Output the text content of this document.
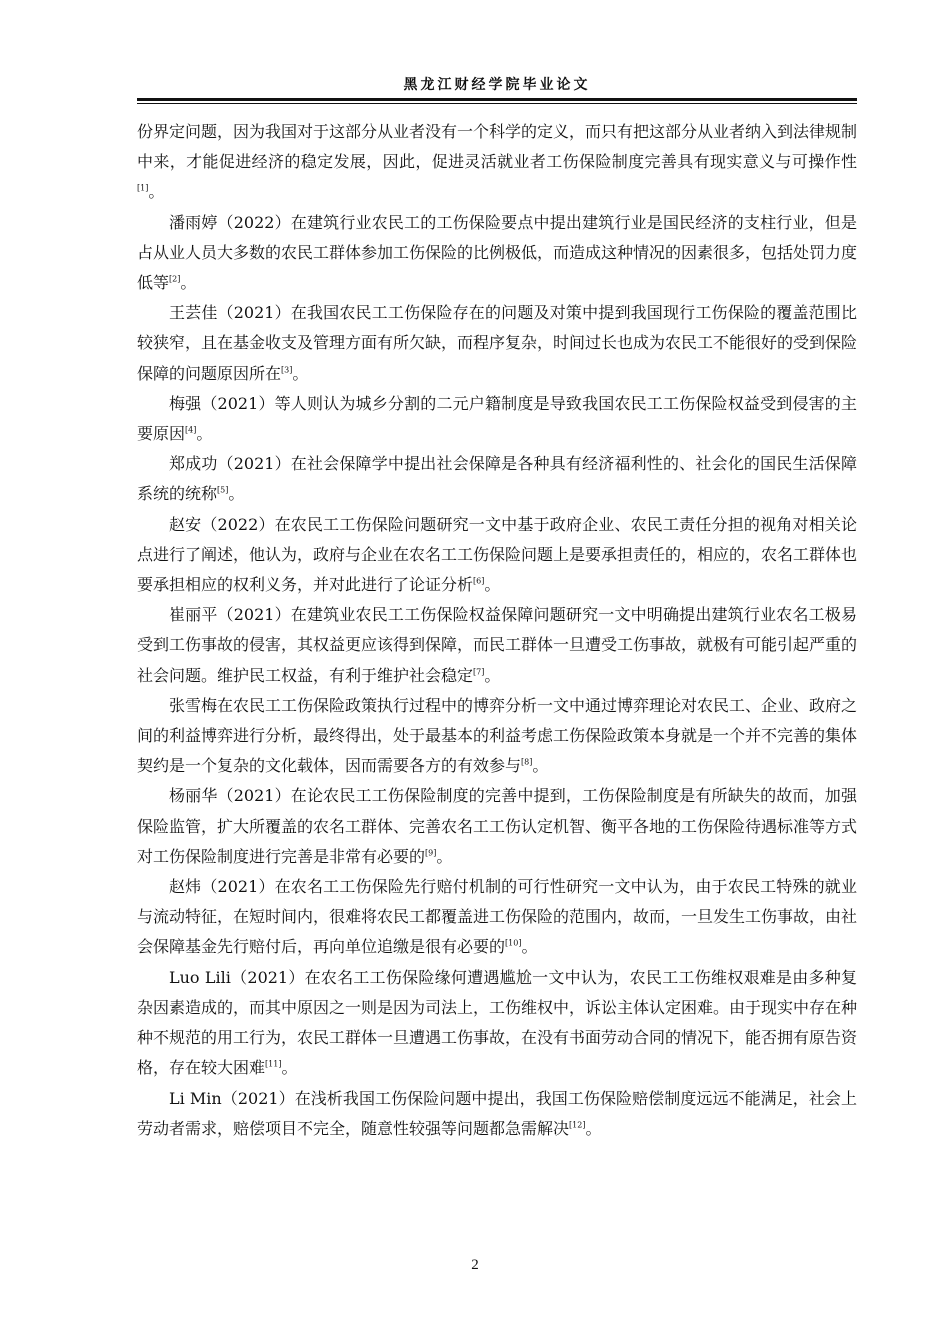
黑龙江财经学院毕业论文

份界定问题，因为我国对于这部分从业者没有一个科学的定义，而只有把这部分从业者纳入到法律规制中来，才能促进经济的稳定发展，因此，促进灵活就业者工伤保险制度完善具有现实意义与可操作性[1]。

潘雨婷（2022）在建筑行业农民工的工伤保险要点中提出建筑行业是国民经济的支柱行业，但是占从业人员大多数的农民工群体参加工伤保险的比例极低，而造成这种情况的因素很多，包括处罚力度低等[2]。

王芸佳（2021）在我国农民工工伤保险存在的问题及对策中提到我国现行工伤保险的覆盖范围比较狭窄，且在基金收支及管理方面有所欠缺，而程序复杂，时间过长也成为农民工不能很好的受到保险保障的问题原因所在[3]。

梅强（2021）等人则认为城乡分割的二元户籍制度是导致我国农民工工伤保险权益受到侵害的主要原因[4]。

郑成功（2021）在社会保障学中提出社会保障是各种具有经济福利性的、社会化的国民生活保障系统的统称[5]。

赵安（2022）在农民工工伤保险问题研究一文中基于政府企业、农民工责任分担的视角对相关论点进行了阐述，他认为，政府与企业在农名工工伤保险问题上是要承担责任的，相应的，农名工群体也要承担相应的权利义务，并对此进行了论证分析[6]。

崔丽平（2021）在建筑业农民工工伤保险权益保障问题研究一文中明确提出建筑行业农名工极易受到工伤事故的侵害，其权益更应该得到保障，而民工群体一旦遭受工伤事故，就极有可能引起严重的社会问题。维护民工权益，有利于维护社会稳定[7]。

张雪梅在农民工工伤保险政策执行过程中的博弈分析一文中通过博弈理论对农民工、企业、政府之间的利益博弈进行分析，最终得出，处于最基本的利益考虑工伤保险政策本身就是一个并不完善的集体契约是一个复杂的文化载体，因而需要各方的有效参与[8]。

杨丽华（2021）在论农民工工伤保险制度的完善中提到，工伤保险制度是有所缺失的故而，加强保险监管，扩大所覆盖的农名工群体、完善农名工工伤认定机智、衡平各地的工伤保险待遇标准等方式对工伤保险制度进行完善是非常有必要的[9]。

赵炜（2021）在农名工工伤保险先行赔付机制的可行性研究一文中认为，由于农民工特殊的就业与流动特征，在短时间内，很难将农民工都覆盖进工伤保险的范围内，故而，一旦发生工伤事故，由社会保障基金先行赔付后，再向单位追缴是很有必要的[10]。

Luo Lili（2021）在农名工工伤保险缘何遭遇尴尬一文中认为，农民工工伤维权艰难是由多种复杂因素造成的，而其中原因之一则是因为司法上，工伤维权中，诉讼主体认定困难。由于现实中存在种种不规范的用工行为，农民工群体一旦遭遇工伤事故，在没有书面劳动合同的情况下，能否拥有原告资格，存在较大困难[11]。

Li Min（2021）在浅析我国工伤保险问题中提出，我国工伤保险赔偿制度远远不能满足，社会上劳动者需求，赔偿项目不完全，随意性较强等问题都急需解决[12]。

2
